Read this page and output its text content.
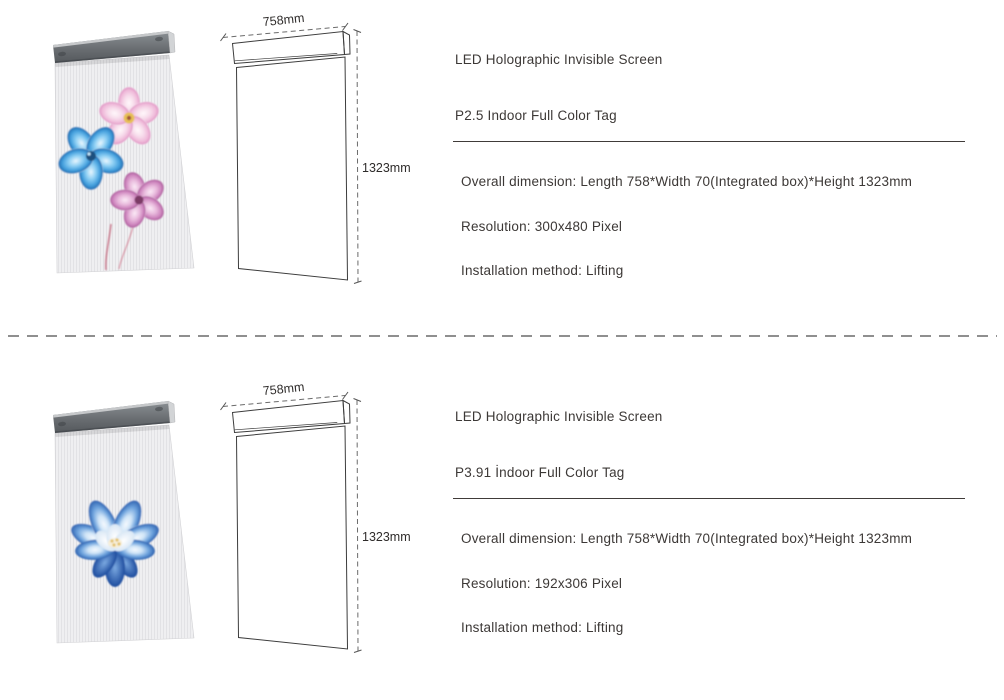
758mm
1323mm
LED Holographic Invisible Screen
P2.5 Indoor Full Color Tag
Overall dimension: Length 758*Width 70(Integrated box)*Height 1323mm
Resolution: 300x480 Pixel
Installation method: Lifting
758mm
1323mm
LED Holographic Invisible Screen
P3.91 İndoor Full Color Tag
Overall dimension: Length 758*Width 70(Integrated box)*Height 1323mm
Resolution: 192x306 Pixel
Installation method: Lifting
